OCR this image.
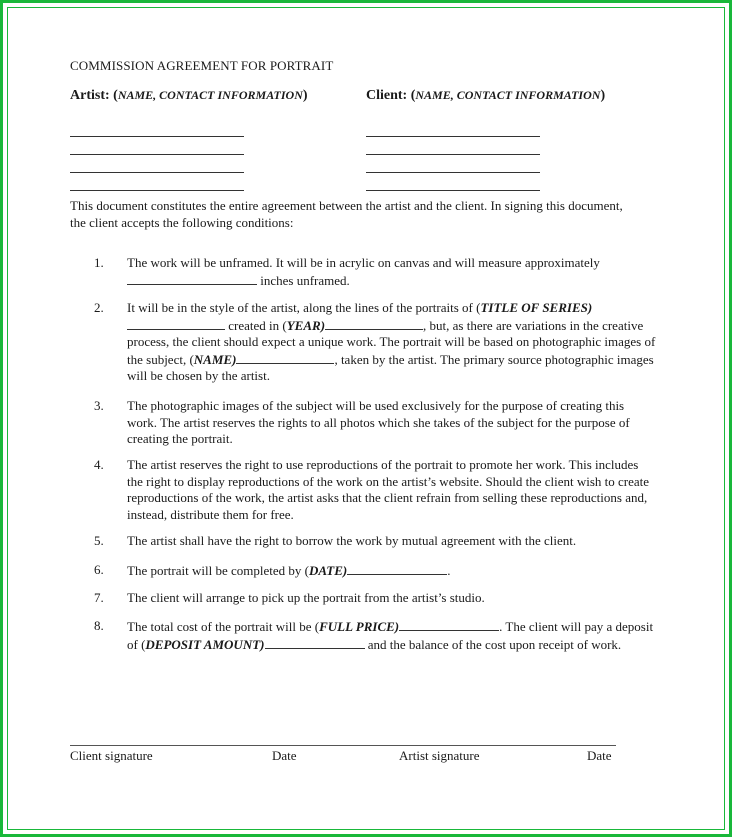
COMMISSION AGREEMENT FOR PORTRAIT
Artist: (NAME, CONTACT INFORMATION)	Client: (NAME, CONTACT INFORMATION)
This document constitutes the entire agreement between the artist and the client. In signing this document, the client accepts the following conditions:
1. The work will be unframed. It will be in acrylic on canvas and will measure approximately
inches unframed.
2. It will be in the style of the artist, along the lines of the portraits of (TITLE OF SERIES) created in (YEAR)	, but, as there are variations in the creative process, the client should expect a unique work. The portrait will be based on photographic images of the subject, (NAME)	, taken by the artist. The primary source photographic images will be chosen by the artist.
3. The photographic images of the subject will be used exclusively for the purpose of creating this work. The artist reserves the rights to all photos which she takes of the subject for the purpose of creating the portrait.
4. The artist reserves the right to use reproductions of the portrait to promote her work. This includes the right to display reproductions of the work on the artist’s website. Should the client wish to create reproductions of the work, the artist asks that the client refrain from selling these reproductions and, instead, distribute them for free.
5. The artist shall have the right to borrow the work by mutual agreement with the client.
6. The portrait will be completed by (DATE)	.
7. The client will arrange to pick up the portrait from the artist’s studio.
8. The total cost of the portrait will be (FULL PRICE)	. The client will pay a deposit of (DEPOSIT AMOUNT)	and the balance of the cost upon receipt of work.
Client signature	Date	Artist signature	Date
